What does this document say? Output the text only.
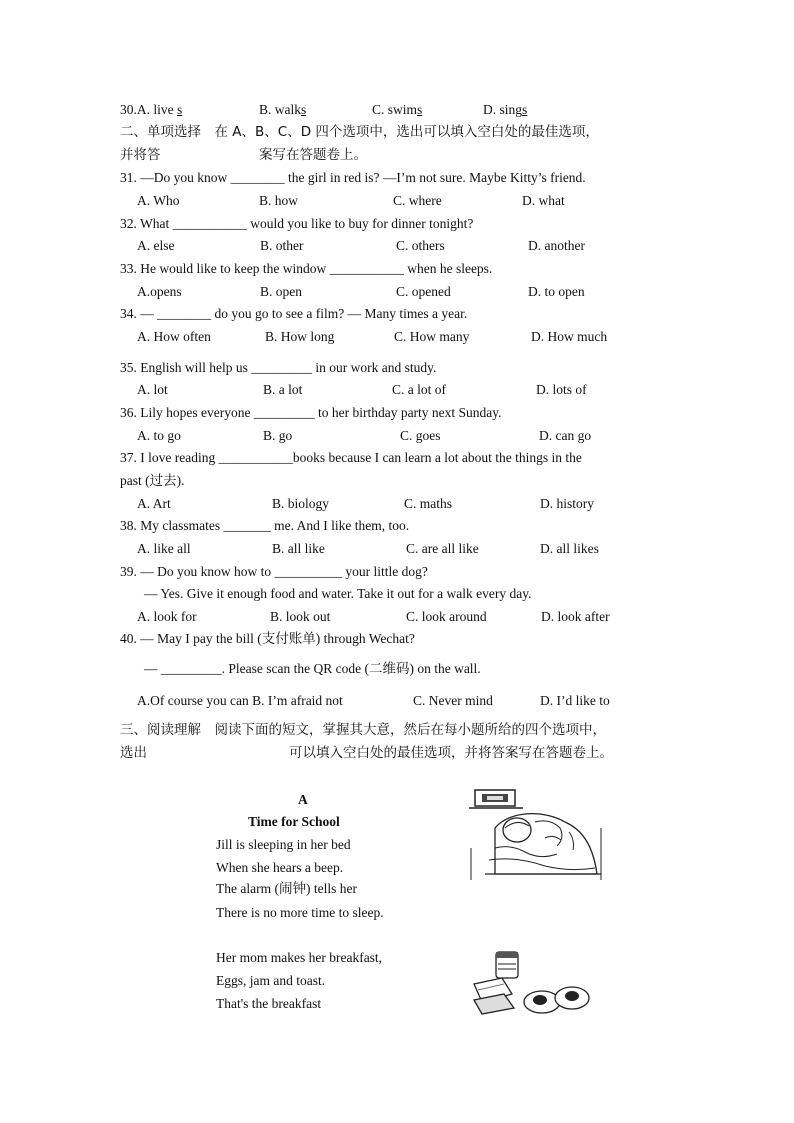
30.A. live s	B. walks	C. swims	D. sings
二、单项选择　在 A、B、C、D 四个选项中，选出可以填入空白处的最佳选项，
并将答	案写在答题卷上。
31. —Do you know ________ the girl in red is? —I’m not sure. Maybe Kitty’s friend.
A. Who	B. how	C. where	D. what
32. What ___________ would you like to buy for dinner tonight?
A. else	B. other	C. others	D. another
33. He would like to keep the window ___________ when he sleeps.
A.opens	B. open	C. opened	D. to open
34. — ________ do you go to see a film? — Many times a year.
A. How often	B. How long	C. How many	D. How much
35. English will help us _________ in our work and study.
A. lot	B. a lot	C. a lot of	D. lots of
36. Lily hopes everyone _________ to her birthday party next Sunday.
A. to go	B. go	C. goes	D. can go
37. I love reading ___________books because I can learn a lot about the things in the
past (过去).
A. Art	B. biology	C. maths	D. history
38. My classmates _______ me. And I like them, too.
A. like all	B. all like	C. are all like	D. all likes
39. — Do you know how to __________ your little dog?
— Yes. Give it enough food and water. Take it out for a walk every day.
A. look for	B. look out	C. look around	D. look after
40. — May I pay the bill (支付账单) through Wechat?
— _________. Please scan the QR code (二维码) on the wall.
A.Of course you can B. I’m afraid not	C. Never mind	D. I’d like to
三、阅读理解　阅读下面的短文，掌握其大意，然后在每小题所给的四个选项中，
选出	可以填入空白处的最佳选项，并将答案写在答题卷上。
A
Time for School
Jill is sleeping in her bed
When she hears a beep.
The alarm (闹钟) tells her
There is no more time to sleep.
Her mom makes her breakfast,
Eggs, jam and toast.
That's the breakfast
